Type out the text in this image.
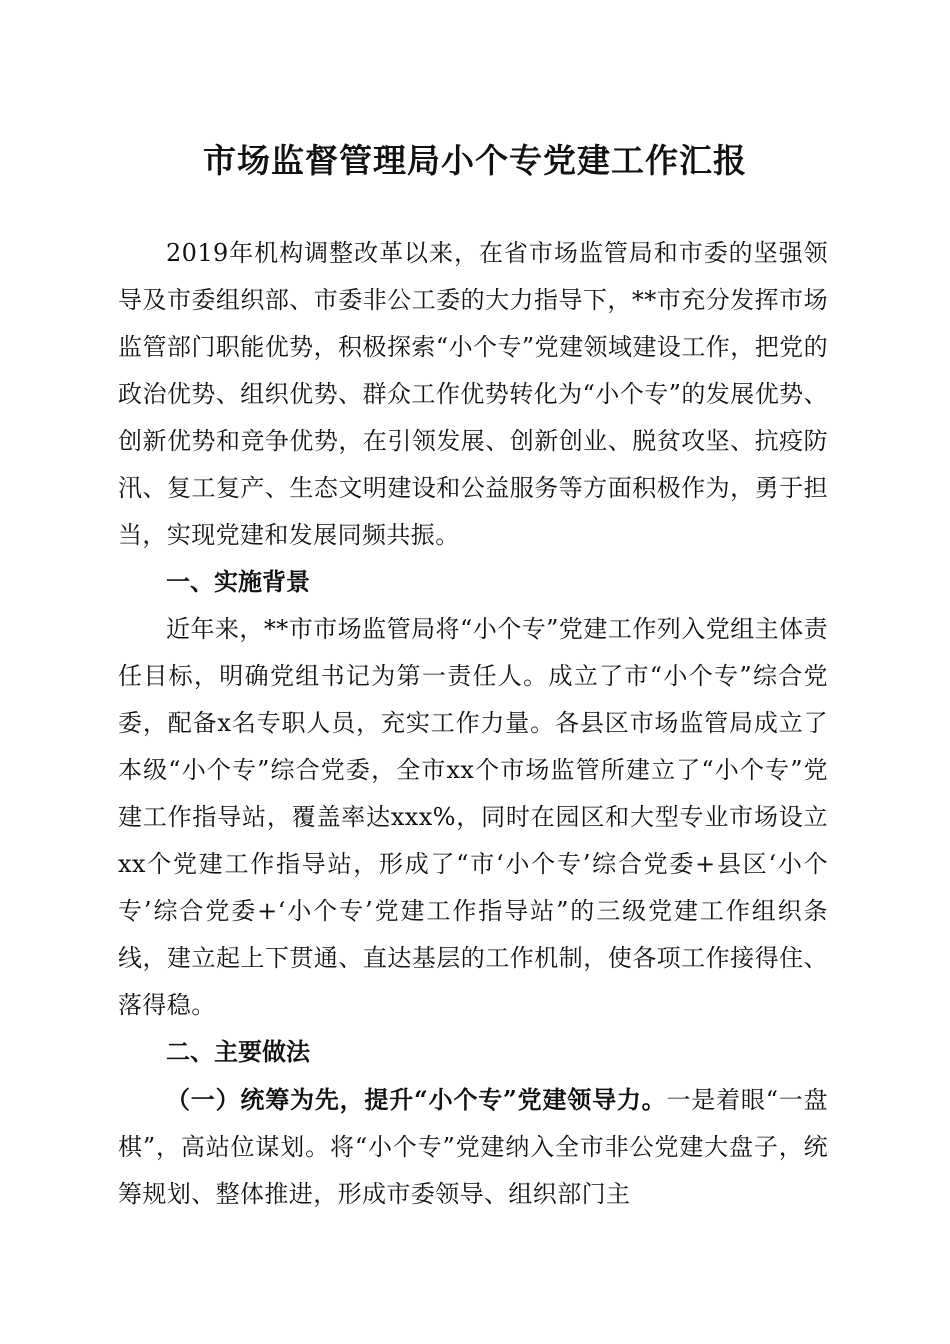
市场监督管理局小个专党建工作汇报

2019年机构调整改革以来，在省市场监管局和市委的坚强领导及市委组织部、市委非公工委的大力指导下，**市充分发挥市场监管部门职能优势，积极探索“小个专”党建领域建设工作，把党的政治优势、组织优势、群众工作优势转化为“小个专”的发展优势、创新优势和竞争优势，在引领发展、创新创业、脱贫攻坚、抗疫防汛、复工复产、生态文明建设和公益服务等方面积极作为，勇于担当，实现党建和发展同频共振。

一、实施背景

近年来，**市市场监管局将“小个专”党建工作列入党组主体责任目标，明确党组书记为第一责任人。成立了市“小个专”综合党委，配备x名专职人员，充实工作力量。各县区市场监管局成立了本级“小个专”综合党委，全市xx个市场监管所建立了“小个专”党建工作指导站，覆盖率达xxx%，同时在园区和大型专业市场设立xx个党建工作指导站，形成了“市‘小个专’综合党委+县区‘小个专’综合党委+‘小个专’党建工作指导站”的三级党建工作组织条线，建立起上下贯通、直达基层的工作机制，使各项工作接得住、落得稳。

二、主要做法

（一）统筹为先，提升“小个专”党建领导力。一是着眼“一盘棋”，高站位谋划。将“小个专”党建纳入全市非公党建大盘子，统筹规划、整体推进，形成市委领导、组织部门主
